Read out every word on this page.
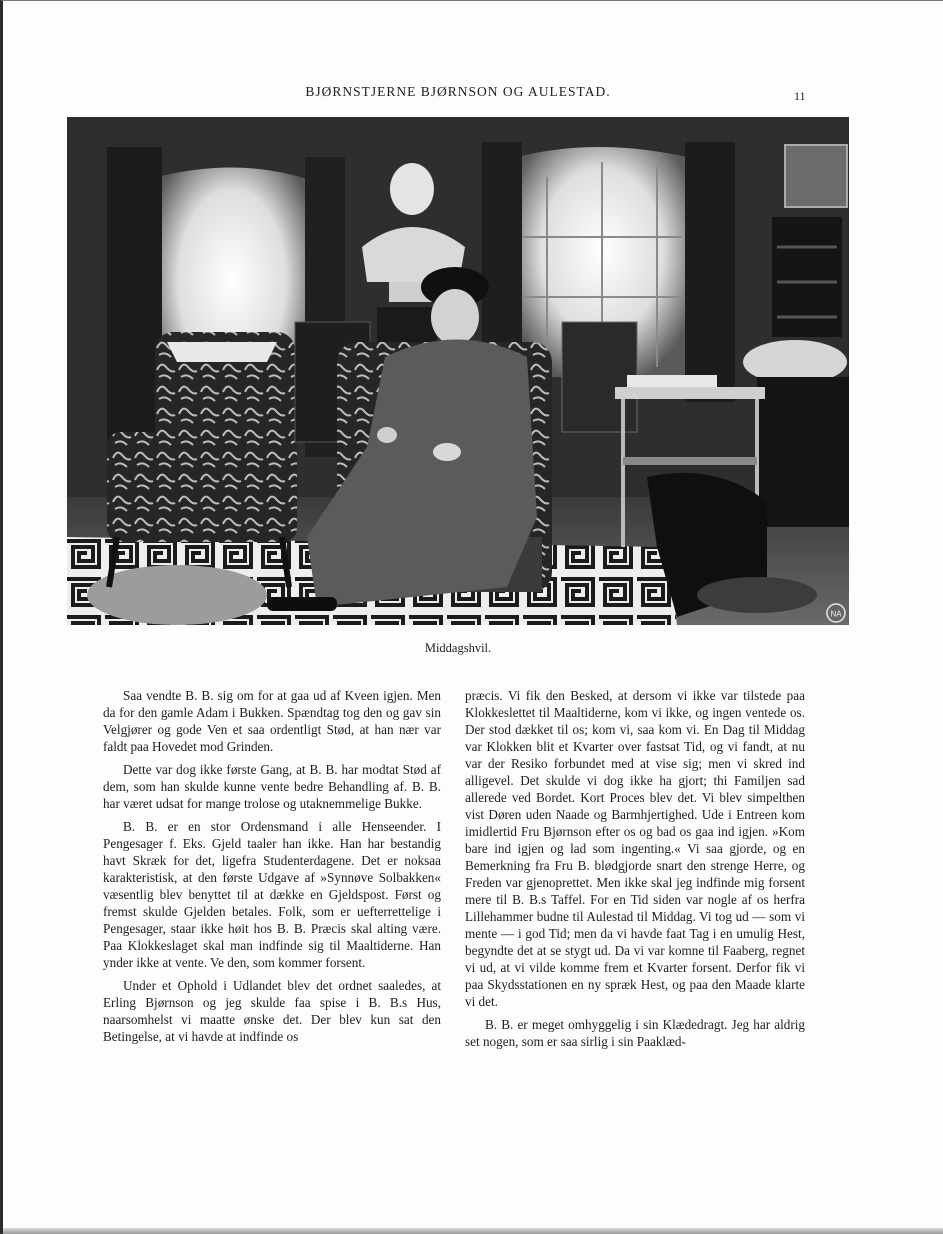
BJØRNSTJERNE BJØRNSON OG AULESTAD.	11
NA
Middagshvil.

Saa vendte B. B. sig om for at gaa ud af Kveen igjen. Men da for den gamle Adam i Bukken. Spændtag tog den og gav sin Velgjører og gode Ven et saa ordentligt Stød, at han nær var faldt paa Hovedet mod Grinden.

Dette var dog ikke første Gang, at B. B. har modtat Stød af dem, som han skulde kunne vente bedre Behandling af. B. B. har været udsat for mange trolose og utaknemmelige Bukke.

B. B. er en stor Ordensmand i alle Henseender. I Pengesager f. Eks. Gjeld taaler han ikke. Han har bestandig havt Skræk for det, ligefra Studenterdagene. Det er noksaa karakteristisk, at den første Udgave af »Synnøve Solbakken« væsentlig blev benyttet til at dække en Gjeldspost. Først og fremst skulde Gjelden betales. Folk, som er uefterrettelige i Pengesager, staar ikke høit hos B. B. Præcis skal alting være. Paa Klokkeslaget skal man indfinde sig til Maaltiderne. Han ynder ikke at vente. Ve den, som kommer forsent.

Under et Ophold i Udlandet blev det ordnet saaledes, at Erling Bjørnson og jeg skulde faa spise i B. B.s Hus, naarsomhelst vi maatte ønske det. Der blev kun sat den Betingelse, at vi havde at indfinde os

præcis. Vi fik den Besked, at dersom vi ikke var tilstede paa Klokkeslettet til Maaltiderne, kom vi ikke, og ingen ventede os. Der stod dækket til os; kom vi, saa kom vi. En Dag til Middag var Klokken blit et Kvarter over fastsat Tid, og vi fandt, at nu var der Resiko forbundet med at vise sig; men vi skred ind alligevel. Det skulde vi dog ikke ha gjort; thi Familjen sad allerede ved Bordet. Kort Proces blev det. Vi blev simpelthen vist Døren uden Naade og Barmhjertighed. Ude i Entreen kom imidlertid Fru Bjørnson efter os og bad os gaa ind igjen. »Kom bare ind igjen og lad som ingenting.« Vi saa gjorde, og en Bemerkning fra Fru B. blødgjorde snart den strenge Herre, og Freden var gjenoprettet. Men ikke skal jeg indfinde mig forsent mere til B. B.s Taffel. For en Tid siden var nogle af os herfra Lillehammer budne til Aulestad til Middag. Vi tog ud — som vi mente — i god Tid; men da vi havde faat Tag i en umulig Hest, begyndte det at se stygt ud. Da vi var komne til Faaberg, regnet vi ud, at vi vilde komme frem et Kvarter forsent. Derfor fik vi paa Skydsstationen en ny spræk Hest, og paa den Maade klarte vi det.

B. B. er meget omhyggelig i sin Klædedragt. Jeg har aldrig set nogen, som er saa sirlig i sin Paaklæd-
